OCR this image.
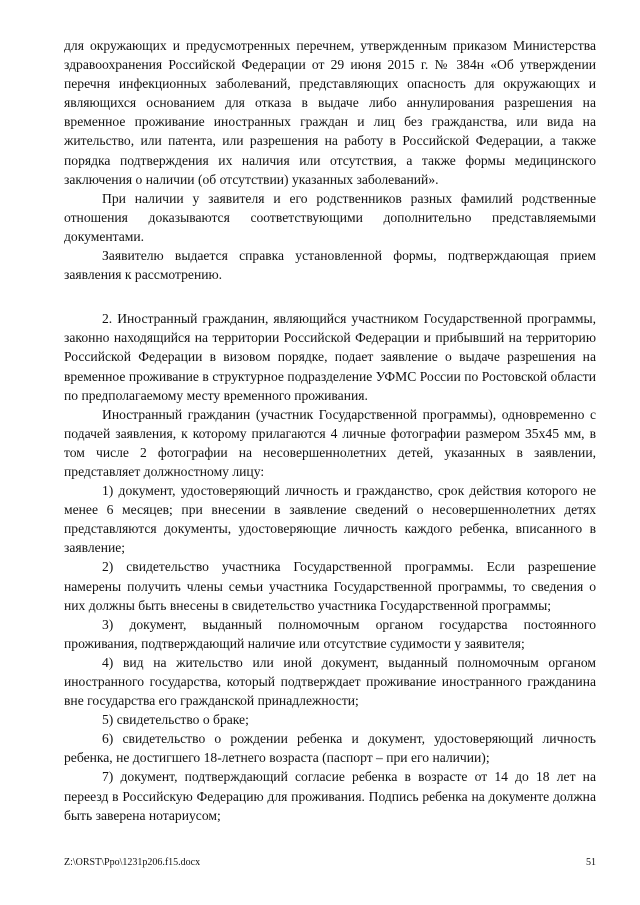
для окружающих и предусмотренных перечнем, утвержденным приказом Министерства здравоохранения Российской Федерации от 29 июня 2015 г. № 384н «Об утверждении перечня инфекционных заболеваний, представляющих опасность для окружающих и являющихся основанием для отказа в выдаче либо аннулирования разрешения на временное проживание иностранных граждан и лиц без гражданства, или вида на жительство, или патента, или разрешения на работу в Российской Федерации, а также порядка подтверждения их наличия или отсутствия, а также формы медицинского заключения о наличии (об отсутствии) указанных заболеваний».

При наличии у заявителя и его родственников разных фамилий родственные отношения доказываются соответствующими дополнительно представляемыми документами.

Заявителю выдается справка установленной формы, подтверждающая прием заявления к рассмотрению.

2. Иностранный гражданин, являющийся участником Государственной программы, законно находящийся на территории Российской Федерации и прибывший на территорию Российской Федерации в визовом порядке, подает заявление о выдаче разрешения на временное проживание в структурное подразделение УФМС России по Ростовской области по предполагаемому месту временного проживания.

Иностранный гражданин (участник Государственной программы), одновременно с подачей заявления, к которому прилагаются 4 личные фотографии размером 35х45 мм, в том числе 2 фотографии на несовершеннолетних детей, указанных в заявлении, представляет должностному лицу:

1) документ, удостоверяющий личность и гражданство, срок действия которого не менее 6 месяцев; при внесении в заявление сведений о несовершеннолетних детях представляются документы, удостоверяющие личность каждого ребенка, вписанного в заявление;

2) свидетельство участника Государственной программы. Если разрешение намерены получить члены семьи участника Государственной программы, то сведения о них должны быть внесены в свидетельство участника Государственной программы;

3) документ, выданный полномочным органом государства постоянного проживания, подтверждающий наличие или отсутствие судимости у заявителя;

4) вид на жительство или иной документ, выданный полномочным органом иностранного государства, который подтверждает проживание иностранного гражданина вне государства его гражданской принадлежности;

5) свидетельство о браке;

6) свидетельство о рождении ребенка и документ, удостоверяющий личность ребенка, не достигшего 18-летнего возраста (паспорт – при его наличии);

7) документ, подтверждающий согласие ребенка в возрасте от 14 до 18 лет на переезд в Российскую Федерацию для проживания. Подпись ребенка на документе должна быть заверена нотариусом;

Z:\ORST\Ppo\1231p206.f15.docx	51
